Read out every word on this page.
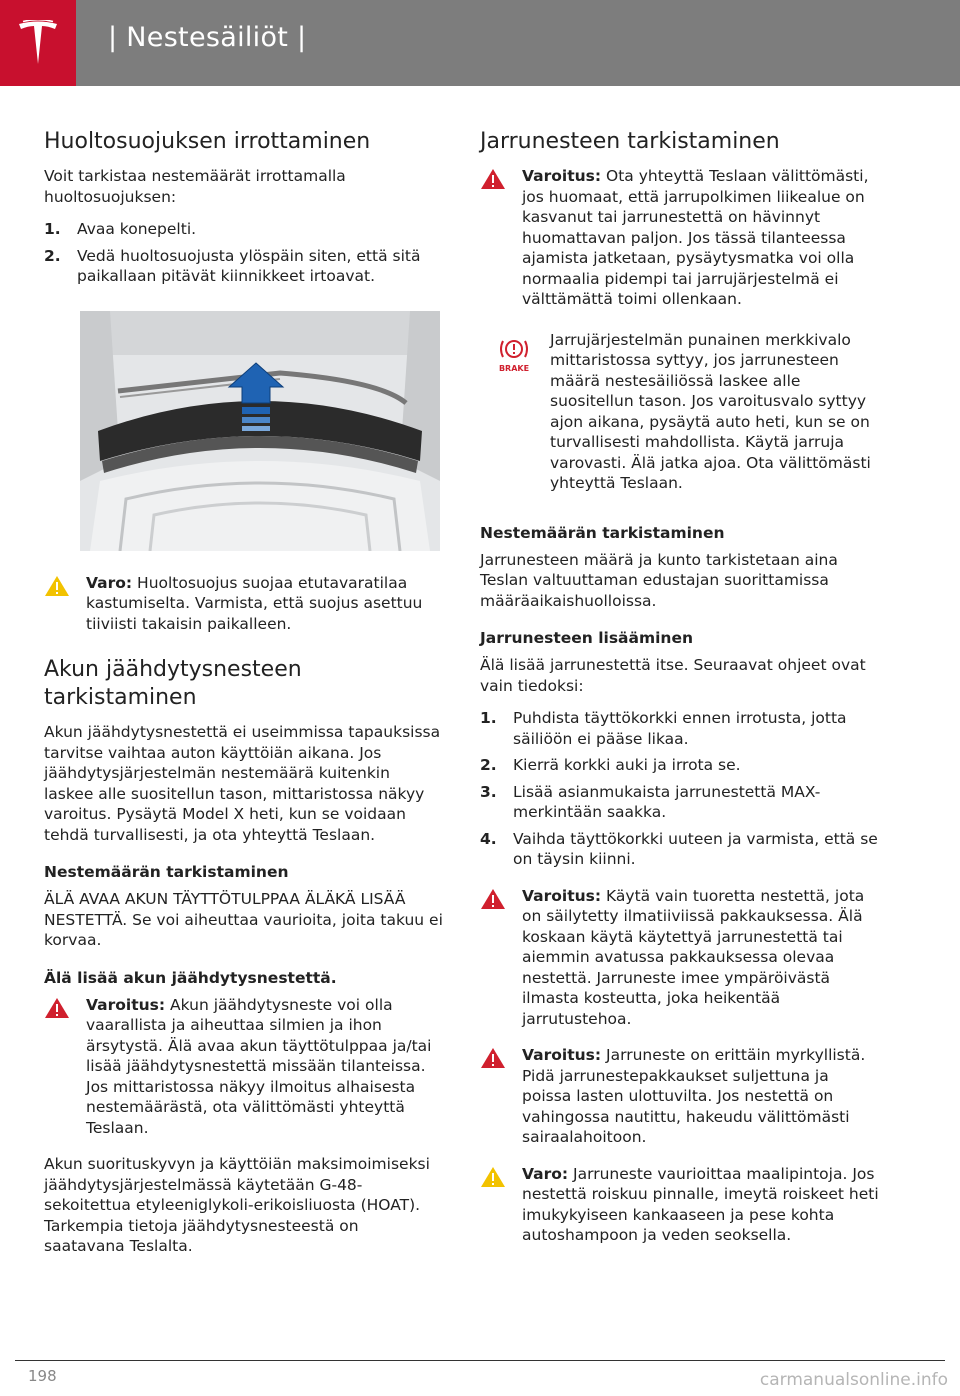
| Nestesäiliöt |
Huoltosuojuksen irrottaminen

Voit tarkistaa nestemäärät irrottamalla huoltosuojuksen:

1. Avaa konepelti.
2. Vedä huoltosuojusta ylöspäin siten, että sitä paikallaan pitävät kiinnikkeet irtoavat.
Varo: Huoltosuojus suojaa etutavaratilaa kastumiselta. Varmista, että suojus asettuu tiiviisti takaisin paikalleen.
Akun jäähdytysnesteen tarkistaminen

Akun jäähdytysnestettä ei useimmissa tapauksissa tarvitse vaihtaa auton käyttöiän aikana. Jos jäähdytysjärjestelmän nestemäärä kuitenkin laskee alle suositellun tason, mittaristossa näkyy varoitus. Pysäytä Model X heti, kun se voidaan tehdä turvallisesti, ja ota yhteyttä Teslaan.

Nestemäärän tarkistaminen

ÄLÄ AVAA AKUN TÄYTTÖTULPPAA ÄLÄKÄ LISÄÄ NESTETTÄ. Se voi aiheuttaa vaurioita, joita takuu ei korvaa.

Älä lisää akun jäähdytysnestettä.
Varoitus: Akun jäähdytysneste voi olla vaarallista ja aiheuttaa silmien ja ihon ärsytystä. Älä avaa akun täyttötulppaa ja/tai lisää jäähdytysnestettä missään tilanteissa. Jos mittaristossa näkyy ilmoitus alhaisesta nestemäärästä, ota välittömästi yhteyttä Teslaan.

Akun suorituskyvyn ja käyttöiän maksimoimiseksi jäähdytysjärjestelmässä käytetään G-48-sekoitettua etyleeniglykoli-erikoisliuosta (HOAT). Tarkempia tietoja jäähdytysnesteestä on saatavana Teslalta.

Jarrunesteen tarkistaminen
Varoitus: Ota yhteyttä Teslaan välittömästi, jos huomaat, että jarrupolkimen liikealue on kasvanut tai jarrunestettä on hävinnyt huomattavan paljon. Jos tässä tilanteessa ajamista jatketaan, pysäytysmatka voi olla normaalia pidempi tai jarrujärjestelmä ei välttämättä toimi ollenkaan.
BRAKE
Jarrujärjestelmän punainen merkkivalo mittaristossa syttyy, jos jarrunesteen määrä nestesäiliössä laskee alle suositellun tason. Jos varoitusvalo syttyy ajon aikana, pysäytä auto heti, kun se on turvallisesti mahdollista. Käytä jarruja varovasti. Älä jatka ajoa. Ota välittömästi yhteyttä Teslaan.
Nestemäärän tarkistaminen

Jarrunesteen määrä ja kunto tarkistetaan aina Teslan valtuuttaman edustajan suorittamissa määräaikaishuolloissa.

Jarrunesteen lisääminen

Älä lisää jarrunestettä itse. Seuraavat ohjeet ovat vain tiedoksi:

1. Puhdista täyttökorkki ennen irrotusta, jotta säiliöön ei pääse likaa.
2. Kierrä korkki auki ja irrota se.
3. Lisää asianmukaista jarrunestettä MAX-merkintään saakka.
4. Vaihda täyttökorkki uuteen ja varmista, että se on täysin kiinni.
Varoitus: Käytä vain tuoretta nestettä, jota on säilytetty ilmatiiviissä pakkauksessa. Älä koskaan käytä käytettyä jarrunestettä tai aiemmin avatussa pakkauksessa olevaa nestettä. Jarruneste imee ympäröivästä ilmasta kosteutta, joka heikentää jarrutustehoa.
Varoitus: Jarruneste on erittäin myrkyllistä. Pidä jarrunestepakkaukset suljettuna ja poissa lasten ulottuvilta. Jos nestettä on vahingossa nautittu, hakeudu välittömästi sairaalahoitoon.
Varo: Jarruneste vaurioittaa maalipintoja. Jos nestettä roiskuu pinnalle, imeytä roiskeet heti imukykyiseen kankaaseen ja pese kohta autoshampoon ja veden seoksella.
198	carmanualsonline.info
